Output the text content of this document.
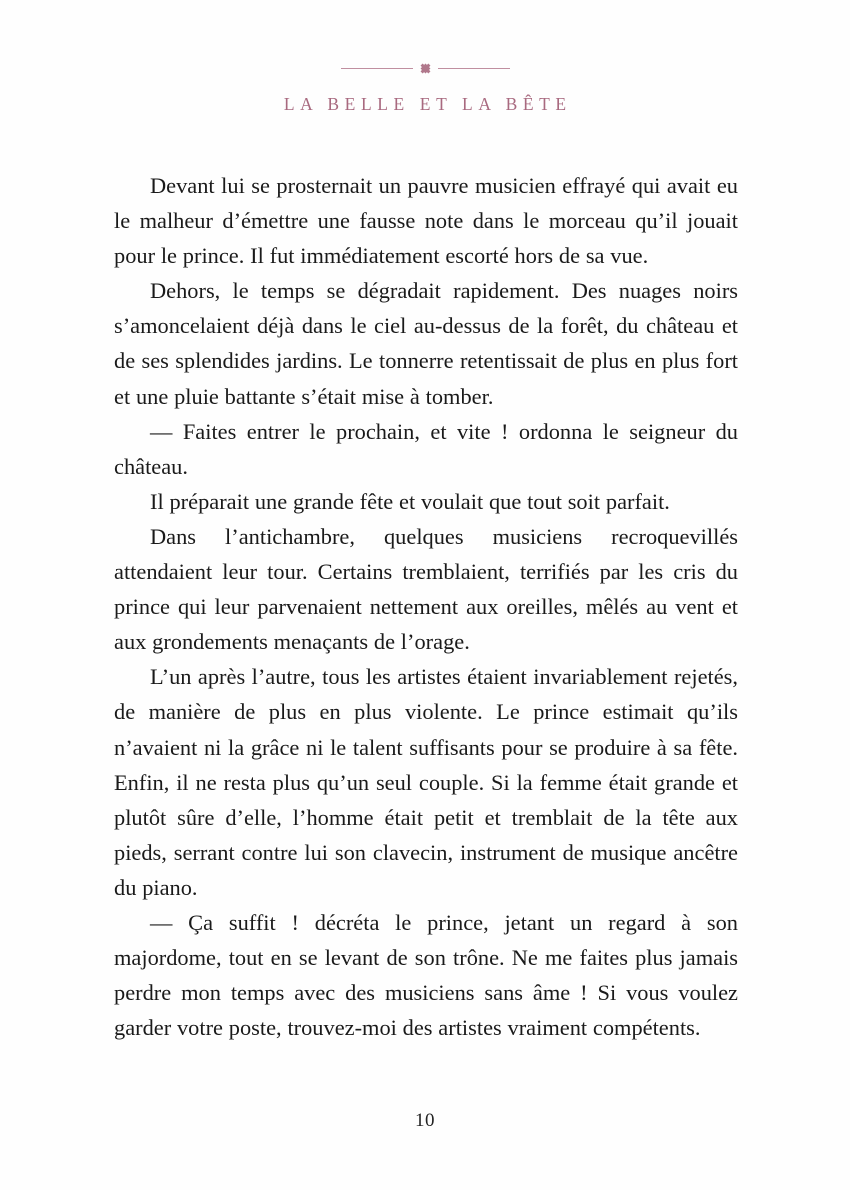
LA BELLE ET LA BÊTE

Devant lui se prosternait un pauvre musicien effrayé qui avait eu le malheur d’émettre une fausse note dans le morceau qu’il jouait pour le prince. Il fut immédiatement escorté hors de sa vue.

Dehors, le temps se dégradait rapidement. Des nuages noirs s’amoncelaient déjà dans le ciel au-dessus de la forêt, du château et de ses splendides jardins. Le tonnerre retentissait de plus en plus fort et une pluie battante s’était mise à tomber.

— Faites entrer le prochain, et vite ! ordonna le seigneur du château.

Il préparait une grande fête et voulait que tout soit parfait.

Dans l’antichambre, quelques musiciens recroquevillés attendaient leur tour. Certains tremblaient, terrifiés par les cris du prince qui leur parvenaient nettement aux oreilles, mêlés au vent et aux grondements menaçants de l’orage.

L’un après l’autre, tous les artistes étaient invariablement rejetés, de manière de plus en plus violente. Le prince estimait qu’ils n’avaient ni la grâce ni le talent suffisants pour se produire à sa fête. Enfin, il ne resta plus qu’un seul couple. Si la femme était grande et plutôt sûre d’elle, l’homme était petit et tremblait de la tête aux pieds, serrant contre lui son clavecin, instrument de musique ancêtre du piano.

— Ça suffit ! décréta le prince, jetant un regard à son majordome, tout en se levant de son trône. Ne me faites plus jamais perdre mon temps avec des musiciens sans âme ! Si vous voulez garder votre poste, trouvez-moi des artistes vraiment compétents.

10
